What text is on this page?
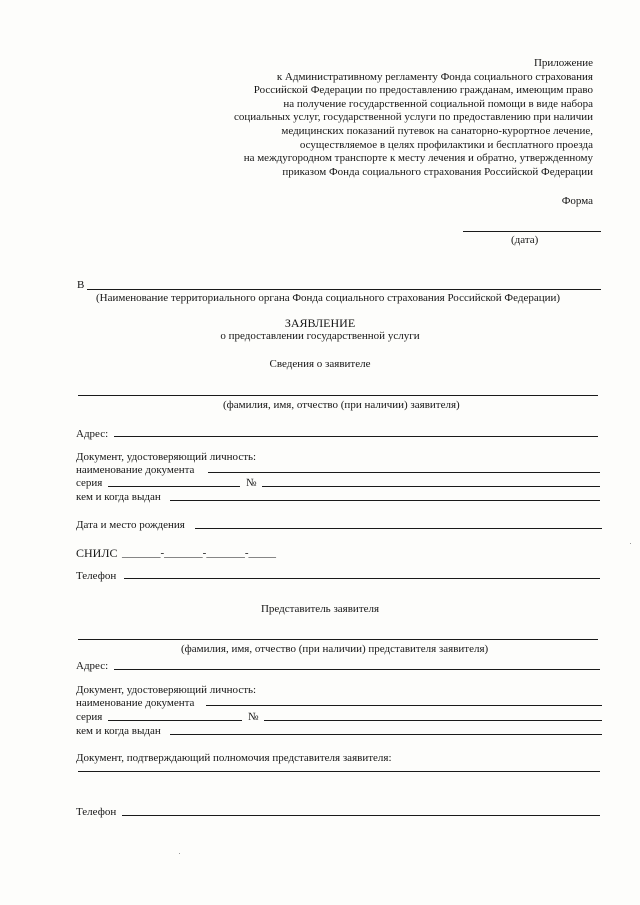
Приложение
к Административному регламенту Фонда социального страхования
Российской Федерации по предоставлению гражданам, имеющим право
на получение государственной социальной помощи в виде набора
социальных услуг, государственной услуги по предоставлению при наличии
медицинских показаний путевок на санаторно-курортное лечение,
осуществляемое в целях профилактики и бесплатного проезда
на междугородном транспорте к месту лечения и обратно, утвержденному
приказом Фонда социального страхования Российской Федерации
Форма
(дата)
В
(Наименование территориального органа Фонда социального страхования Российской Федерации)
ЗАЯВЛЕНИЕ
о предоставлении государственной услуги
Сведения о заявителе
(фамилия, имя, отчество (при наличии) заявителя)
Адрес:
Документ, удостоверяющий личность:
наименование документа
серия	№
кем и когда выдан
Дата и место рождения
СНИЛС _______-_______-_______-_____
Телефон
Представитель заявителя
(фамилия, имя, отчество (при наличии) представителя заявителя)
Адрес:
Документ, удостоверяющий личность:
наименование документа
серия	№
кем и когда выдан
Документ, подтверждающий полномочия представителя заявителя:
Телефон
